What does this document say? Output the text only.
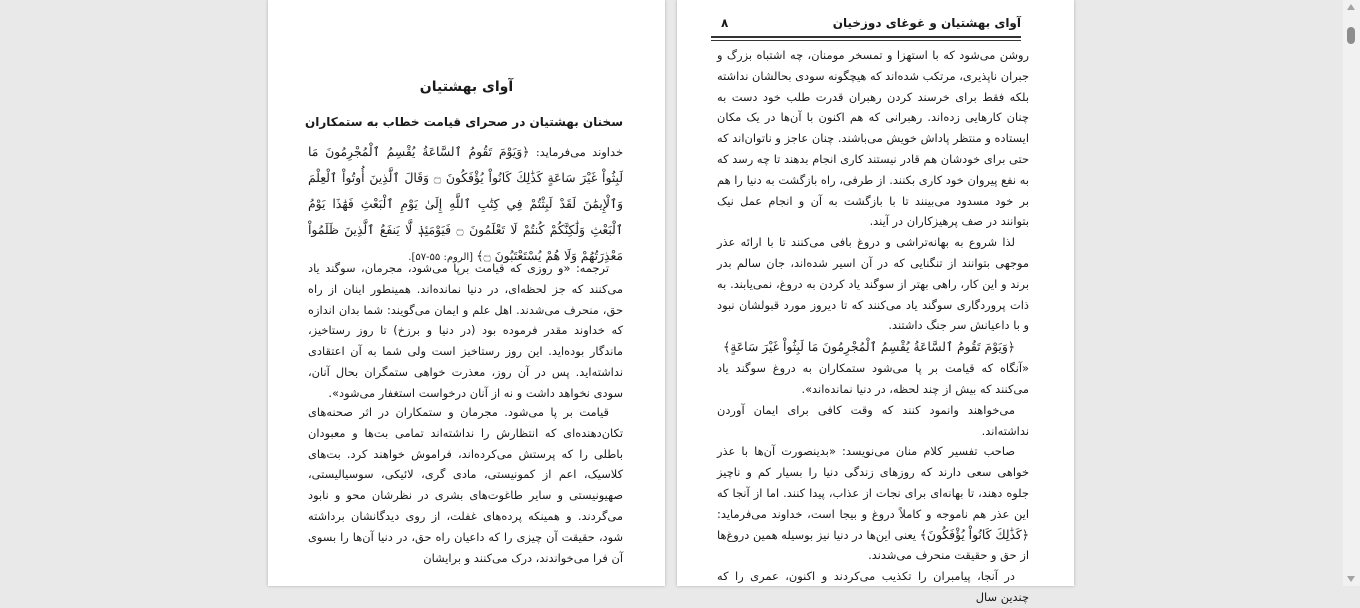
آوای بهشتیان
سخنان بهشتیان در صحرای قیامت خطاب به ستمکاران
خداوند می‌فرماید: ﴿وَيَوْمَ تَقُومُ ٱلسَّاعَةُ يُقْسِمُ ٱلْمُجْرِمُونَ مَا لَبِثُواْ غَيْرَ سَاعَةٍ كَذَٰلِكَ كَانُواْ يُؤْفَكُونَ ۝ وَقَالَ ٱلَّذِينَ أُوتُواْ ٱلْعِلْمَ وَٱلْإِيمَٰنَ لَقَدْ لَبِثْتُمْ فِي كِتَٰبِ ٱللَّهِ إِلَىٰ يَوْمِ ٱلْبَعْثِ فَهَٰذَا يَوْمُ ٱلْبَعْثِ وَلَٰكِنَّكُمْ كُنتُمْ لَا تَعْلَمُونَ ۝ فَيَوْمَئِذٖ لَّا يَنفَعُ ٱلَّذِينَ ظَلَمُواْ مَعْذِرَتُهُمْ وَلَا هُمْ يُسْتَعْتَبُونَ ۝﴾ [الروم: ۵۵-۵۷].

ترجمه: «و روزی که قیامت برپا می‌شود، مجرمان، سوگند یاد می‌کنند که جز لحظه‌ای، در دنیا نمانده‌اند. همینطور اینان از راه حق، منحرف می‌شدند. اهل علم و ایمان می‌گویند: شما بدان اندازه که خداوند مقدر فرموده بود (در دنیا و برزخ) تا روز رستاخیز، ماندگار بوده‌اید. این روز رستاخیز است ولی شما به آن اعتقادی نداشته‌اید. پس در آن روز، معذرت خواهی ستمگران بحال آنان، سودی نخواهد داشت و نه از آنان درخواست استغفار می‌شود».

قیامت بر پا می‌شود. مجرمان و ستمکاران در اثر صحنه‌های تکان‌دهنده‌ای که انتظارش را نداشته‌اند تمامی بت‌ها و معبودان باطلی را که پرستش می‌کرده‌اند، فراموش خواهند کرد. بت‌های کلاسیک، اعم از کمونیستی، مادی گری، لائیکی، سوسیالیستی، صهیونیستی و سایر طاغوت‌های بشری در نظرشان محو و نابود می‌گردند. و همینکه پرده‌های غفلت، از روی دیدگانشان برداشته شود، حقیقت آن چیزی را که داعیان راه حق، در دنیا آن‌ها را بسوی آن فرا می‌خواندند، درک می‌کنند و برایشان

آوای بهشتیان و غوغای دوزخیان
۸

روشن می‌شود که با استهزا و تمسخر مومنان، چه اشتباه بزرگ و جبران ناپذیری، مرتکب شده‌اند که هیچگونه سودی بحالشان نداشته بلکه فقط برای خرسند کردن رهبران قدرت طلب خود دست به چنان کارهایی زده‌اند. رهبرانی که هم اکنون با آن‌ها در یک مکان ایستاده و منتظر پاداش خویش می‌باشند. چنان عاجز و ناتوان‌اند که حتی برای خودشان هم قادر نیستند کاری انجام بدهند تا چه رسد که به نفع پیروان خود کاری بکنند. از طرفی، راه بازگشت به دنیا را هم بر خود مسدود می‌بینند تا با بازگشت به آن و انجام عمل نیک بتوانند در صف پرهیزکاران در آیند.

لذا شروع به بهانه‌تراشی و دروغ بافی می‌کنند تا با ارائه عذر موجهی بتوانند از تنگنایی که در آن اسیر شده‌اند، جان سالم بدر برند و این کار، راهی بهتر از سوگند یاد کردن به دروغ، نمی‌یابند. به ذات پروردگاری سوگند یاد می‌کنند که تا دیروز مورد قبولشان نبود و با داعیانش سر جنگ داشتند.

﴿وَيَوْمَ تَقُومُ ٱلسَّاعَةُ يُقْسِمُ ٱلْمُجْرِمُونَ مَا لَبِثُواْ غَيْرَ سَاعَةٍ﴾

«آنگاه که قیامت بر پا می‌شود ستمکاران به دروغ سوگند یاد می‌کنند که بیش از چند لحظه، در دنیا نمانده‌اند».

می‌خواهند وانمود کنند که وقت کافی برای ایمان آوردن نداشته‌اند.

صاحب تفسیر کلام منان می‌نویسد: «بدینصورت آن‌ها با عذر خواهی سعی دارند که روزهای زندگی دنیا را بسیار کم و ناچیز جلوه دهند، تا بهانه‌ای برای نجات از عذاب، پیدا کنند. اما از آنجا که این عذر هم ناموجه و کاملاً دروغ و بیجا است، خداوند می‌فرماید: ﴿كَذَٰلِكَ كَانُواْ يُؤْفَكُونَ﴾ یعنی این‌ها در دنیا نیز بوسیله همین دروغ‌ها از حق و حقیقت منحرف می‌شدند.

در آنجا، پیامبران را تکذیب می‌کردند و اکنون، عمری را که چندین سال
